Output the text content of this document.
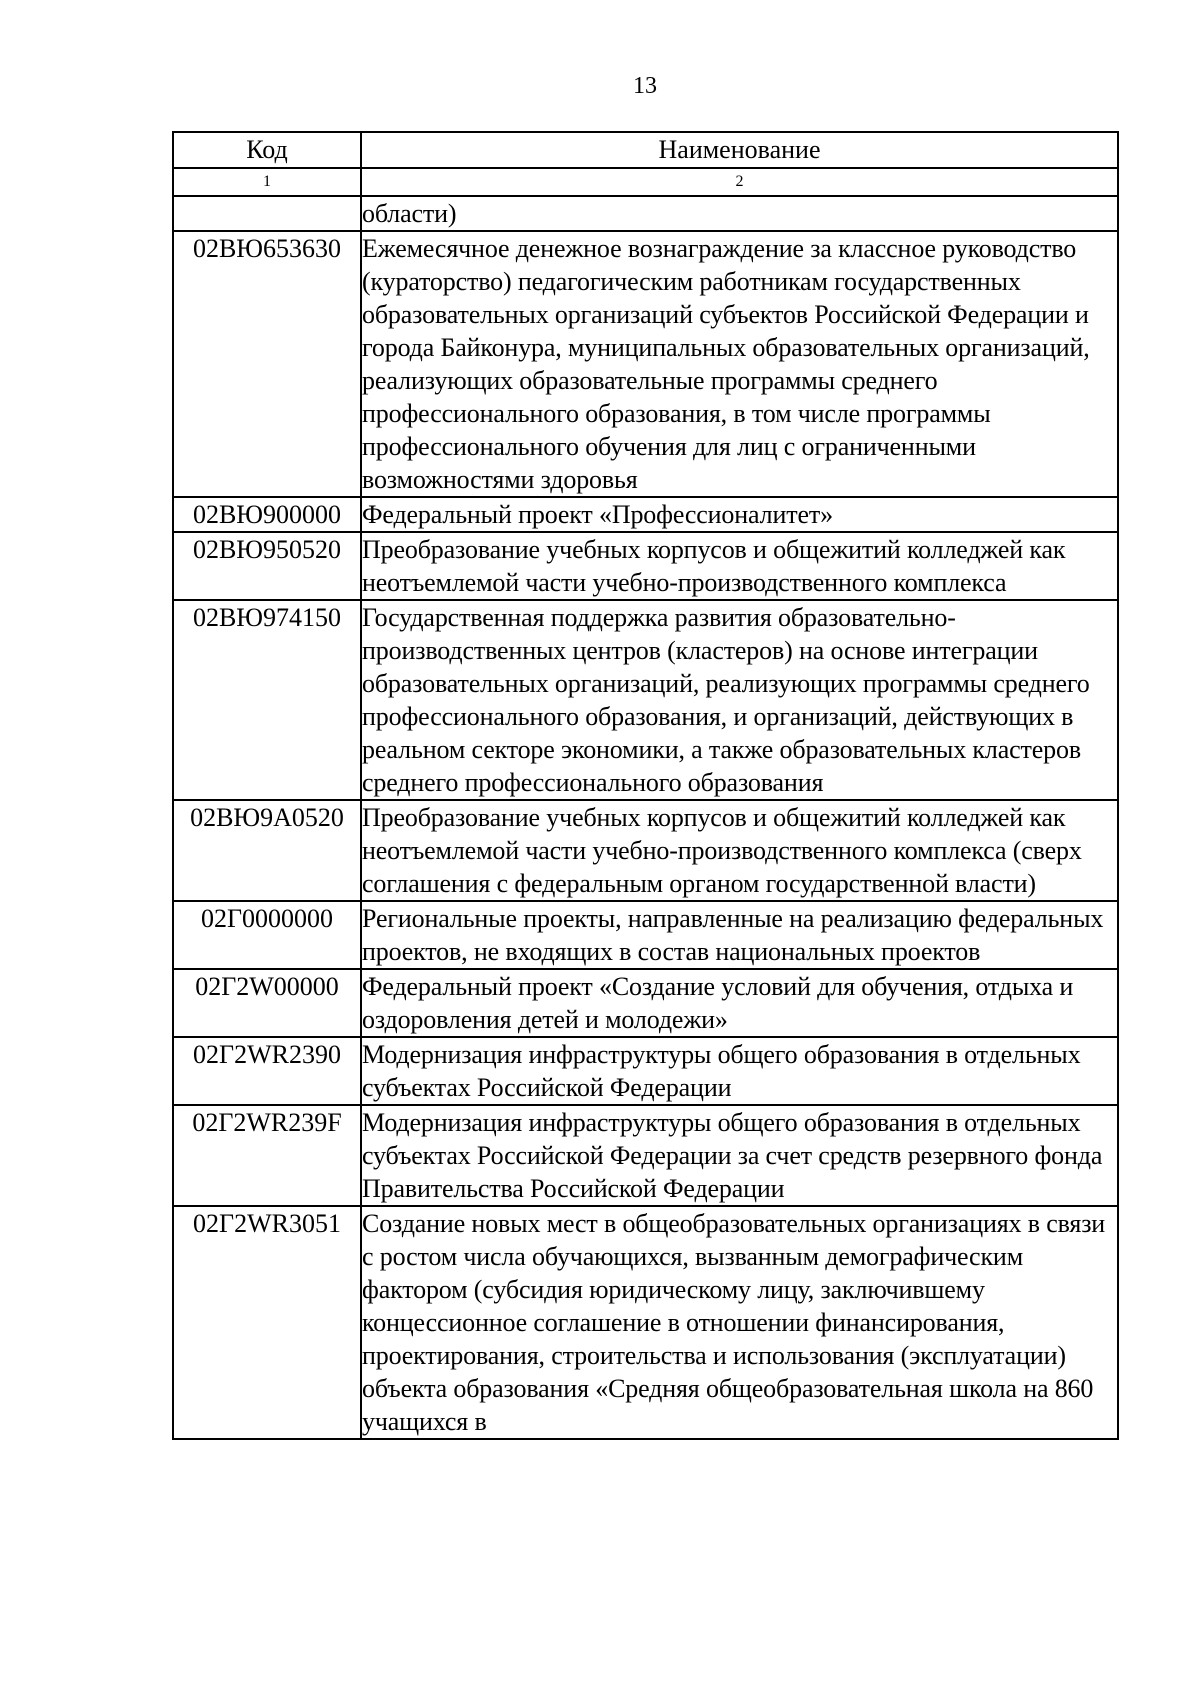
13
Код	Наименование
1	2
	области)
02ВЮ653630	Ежемесячное денежное вознаграждение за классное руководство (кураторство) педагогическим работникам государственных образовательных организаций субъектов Российской Федерации и города Байконура, муниципальных образовательных организаций, реализующих образовательные программы среднего профессионального образования, в том числе программы профессионального обучения для лиц с ограниченными возможностями здоровья
02ВЮ900000	Федеральный проект «Профессионалитет»
02ВЮ950520	Преобразование учебных корпусов и общежитий колледжей как неотъемлемой части учебно-производственного комплекса
02ВЮ974150	Государственная поддержка развития образовательно-производственных центров (кластеров) на основе интеграции образовательных организаций, реализующих программы среднего профессионального образования, и организаций, действующих в реальном секторе экономики, а также образовательных кластеров среднего профессионального образования
02ВЮ9А0520	Преобразование учебных корпусов и общежитий колледжей как неотъемлемой части учебно-производственного комплекса (сверх соглашения с федеральным органом государственной власти)
02Г0000000	Региональные проекты, направленные на реализацию федеральных проектов, не входящих в состав национальных проектов
02Г2W00000	Федеральный проект «Создание условий для обучения, отдыха и оздоровления детей и молодежи»
02Г2WR2390	Модернизация инфраструктуры общего образования в отдельных субъектах Российской Федерации
02Г2WR239F	Модернизация инфраструктуры общего образования в отдельных субъектах Российской Федерации за счет средств резервного фонда Правительства Российской Федерации
02Г2WR3051	Создание новых мест в общеобразовательных организациях в связи с ростом числа обучающихся, вызванным демографическим фактором (субсидия юридическому лицу, заключившему концессионное соглашение в отношении финансирования, проектирования, строительства и использования (эксплуатации) объекта образования «Средняя общеобразовательная школа на 860 учащихся в
